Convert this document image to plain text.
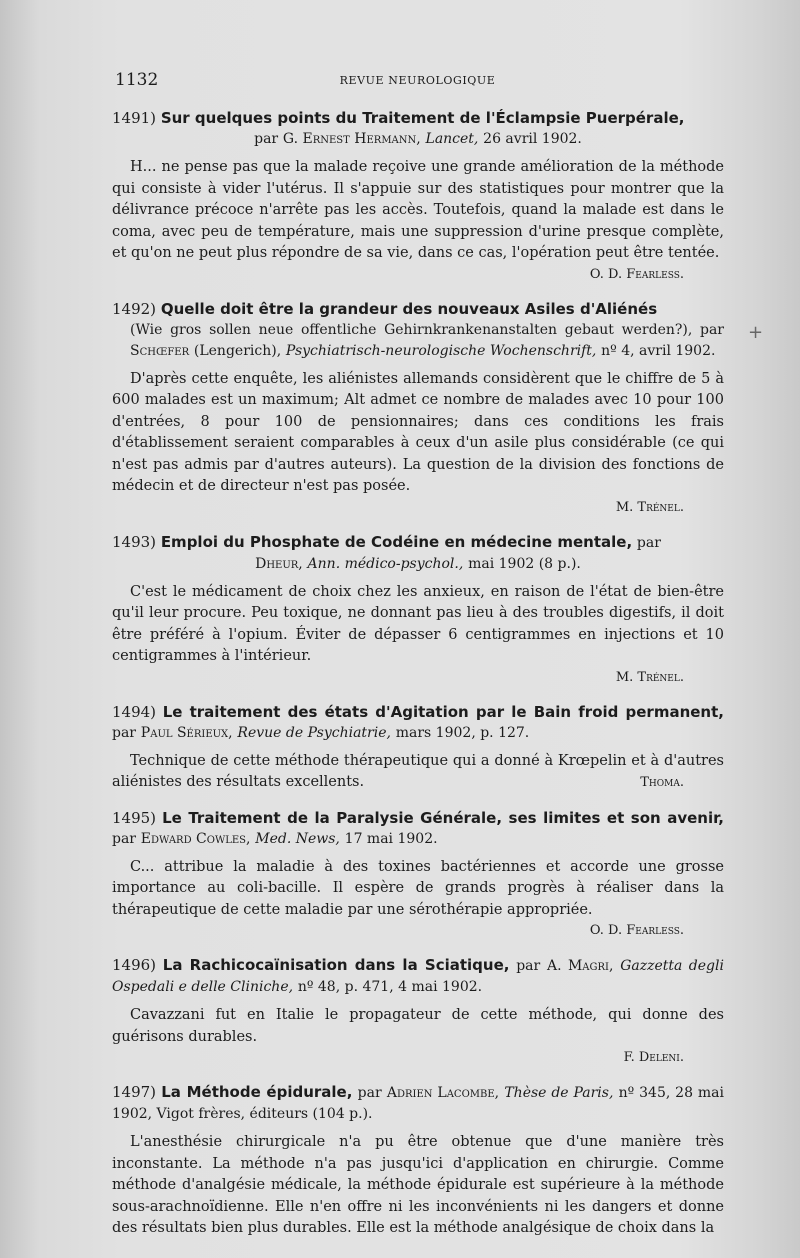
1132	REVUE NEUROLOGIQUE
+

1491) Sur quelques points du Traitement de l'Éclampsie Puerpérale,

par G. Ernest Hermann, Lancet, 26 avril 1902.

H... ne pense pas que la malade reçoive une grande amélioration de la méthode qui consiste à vider l'utérus. Il s'appuie sur des statistiques pour montrer que la délivrance précoce n'arrête pas les accès. Toutefois, quand la malade est dans le coma, avec peu de température, mais une suppression d'urine presque complète, et qu'on ne peut plus répondre de sa vie, dans ce cas, l'opération peut être tentée.

O. D. Fearless.

1492) Quelle doit être la grandeur des nouveaux Asiles d'Aliénés

(Wie gros sollen neue offentliche Gehirnkrankenanstalten gebaut werden?), par Schœfer (Lengerich), Psychiatrisch-neurologische Wochenschrift, nº 4, avril 1902.

D'après cette enquête, les aliénistes allemands considèrent que le chiffre de 5 à 600 malades est un maximum; Alt admet ce nombre de malades avec 10 pour 100 d'entrées, 8 pour 100 de pensionnaires; dans ces conditions les frais d'établissement seraient comparables à ceux d'un asile plus considérable (ce qui n'est pas admis par d'autres auteurs). La question de la division des fonctions de médecin et de directeur n'est pas posée.

M. Trénel.

1493) Emploi du Phosphate de Codéine en médecine mentale, par

Dheur, Ann. médico-psychol., mai 1902 (8 p.).

C'est le médicament de choix chez les anxieux, en raison de l'état de bien-être qu'il leur procure. Peu toxique, ne donnant pas lieu à des troubles digestifs, il doit être préféré à l'opium. Éviter de dépasser 6 centigrammes en injections et 10 centigrammes à l'intérieur.

M. Trénel.

1494) Le traitement des états d'Agitation par le Bain froid permanent, par Paul Sérieux, Revue de Psychiatrie, mars 1902, p. 127.

Technique de cette méthode thérapeutique qui a donné à Krœpelin et à d'autres aliénistes des résultats excellents.	Thoma.

1495) Le Traitement de la Paralysie Générale, ses limites et son avenir, par Edward Cowles, Med. News, 17 mai 1902.

C... attribue la maladie à des toxines bactériennes et accorde une grosse importance au coli-bacille. Il espère de grands progrès à réaliser dans la thérapeutique de cette maladie par une sérothérapie appropriée.

O. D. Fearless.

1496) La Rachicocaïnisation dans la Sciatique, par A. Magri, Gazzetta degli Ospedali e delle Cliniche, nº 48, p. 471, 4 mai 1902.

Cavazzani fut en Italie le propagateur de cette méthode, qui donne des guérisons durables.

F. Deleni.

1497) La Méthode épidurale, par Adrien Lacombe, Thèse de Paris, nº 345, 28 mai 1902, Vigot frères, éditeurs (104 p.).

L'anesthésie chirurgicale n'a pu être obtenue que d'une manière très inconstante. La méthode n'a pas jusqu'ici d'application en chirurgie. Comme méthode d'analgésie médicale, la méthode épidurale est supérieure à la méthode sous-arachnoïdienne. Elle n'en offre ni les inconvénients ni les dangers et donne des résultats bien plus durables. Elle est la méthode analgésique de choix dans la
